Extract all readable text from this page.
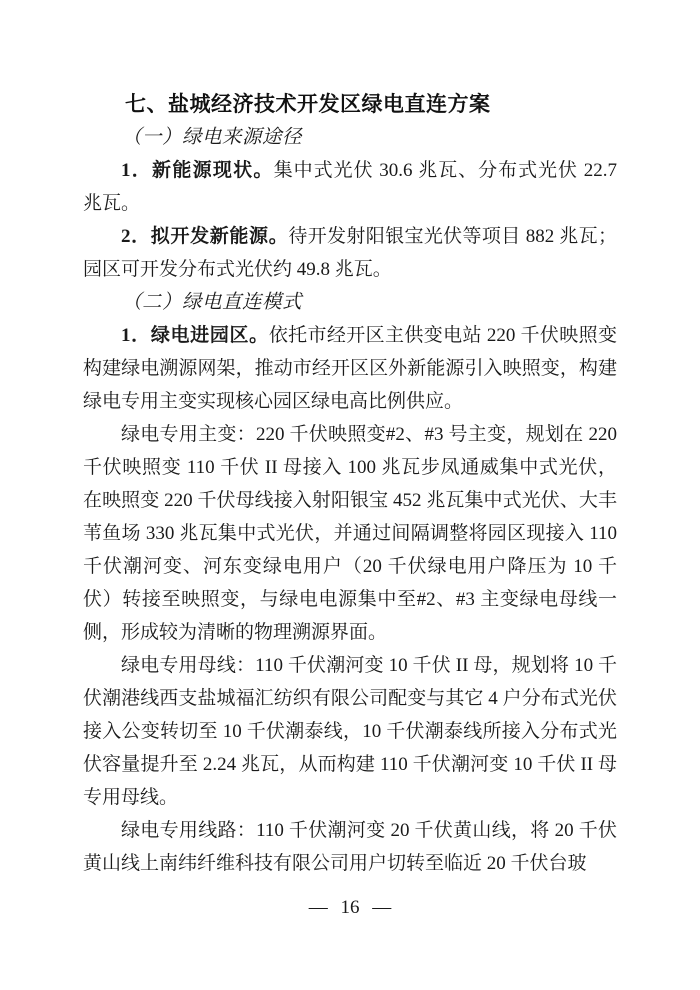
七、盐城经济技术开发区绿电直连方案

（一）绿电来源途径

1．新能源现状。集中式光伏 30.6 兆瓦、分布式光伏 22.7 兆瓦。

2．拟开发新能源。待开发射阳银宝光伏等项目 882 兆瓦；园区可开发分布式光伏约 49.8 兆瓦。

（二）绿电直连模式

1．绿电进园区。依托市经开区主供变电站 220 千伏映照变构建绿电溯源网架，推动市经开区区外新能源引入映照变，构建绿电专用主变实现核心园区绿电高比例供应。

绿电专用主变：220 千伏映照变#2、#3 号主变，规划在 220 千伏映照变 110 千伏 II 母接入 100 兆瓦步凤通威集中式光伏，在映照变 220 千伏母线接入射阳银宝 452 兆瓦集中式光伏、大丰苇鱼场 330 兆瓦集中式光伏，并通过间隔调整将园区现接入 110 千伏潮河变、河东变绿电用户（20 千伏绿电用户降压为 10 千伏）转接至映照变，与绿电电源集中至#2、#3 主变绿电母线一侧，形成较为清晰的物理溯源界面。

绿电专用母线：110 千伏潮河变 10 千伏 II 母，规划将 10 千伏潮港线西支盐城福汇纺织有限公司配变与其它 4 户分布式光伏接入公变转切至 10 千伏潮泰线，10 千伏潮泰线所接入分布式光伏容量提升至 2.24 兆瓦，从而构建 110 千伏潮河变 10 千伏 II 母专用母线。

绿电专用线路：110 千伏潮河变 20 千伏黄山线，将 20 千伏黄山线上南纬纤维科技有限公司用户切转至临近 20 千伏台玻

— 16 —
